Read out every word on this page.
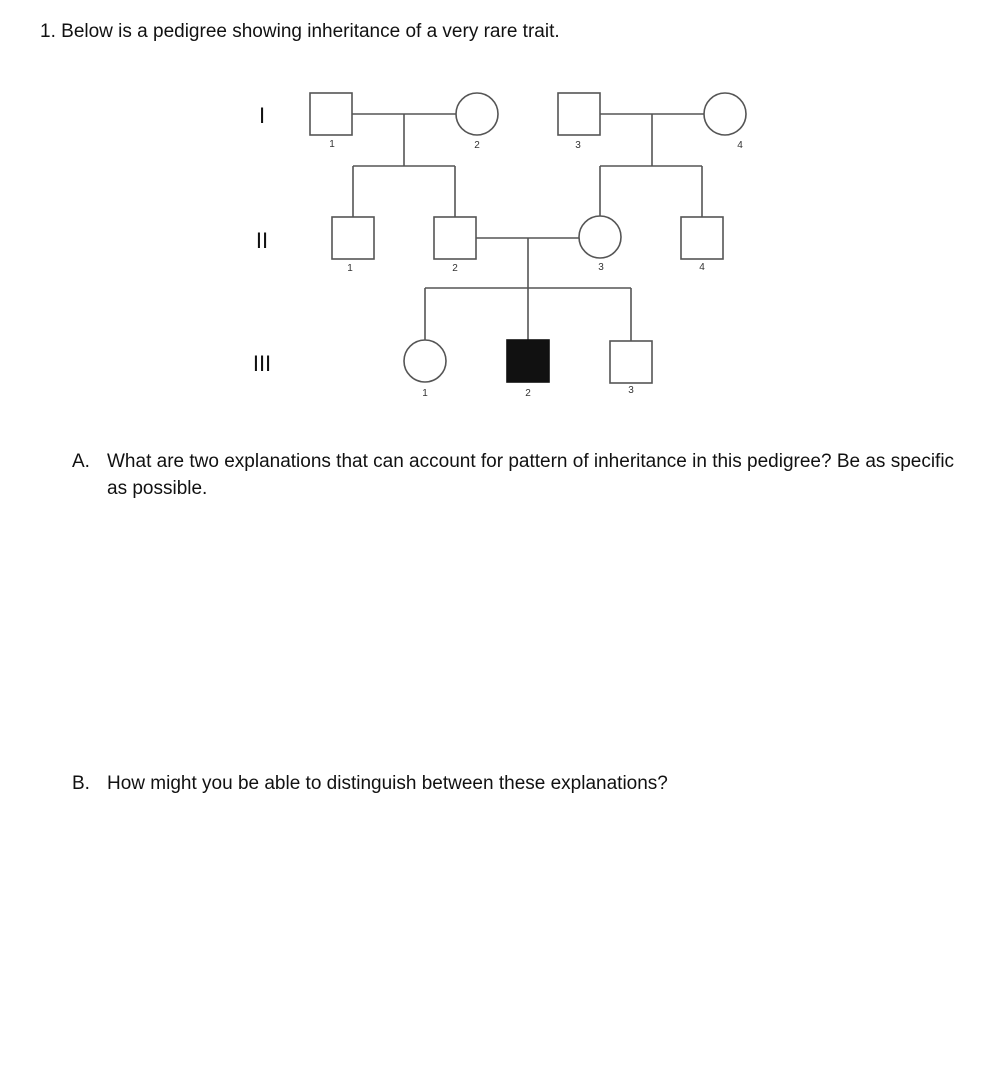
1. Below is a pedigree showing inheritance of a very rare trait.
I
II
III
1	2	3	4
1	2	3	4
1	2	3
A. What are two explanations that can account for pattern of inheritance in this pedigree? Be as specific as possible.
B. How might you be able to distinguish between these explanations?
